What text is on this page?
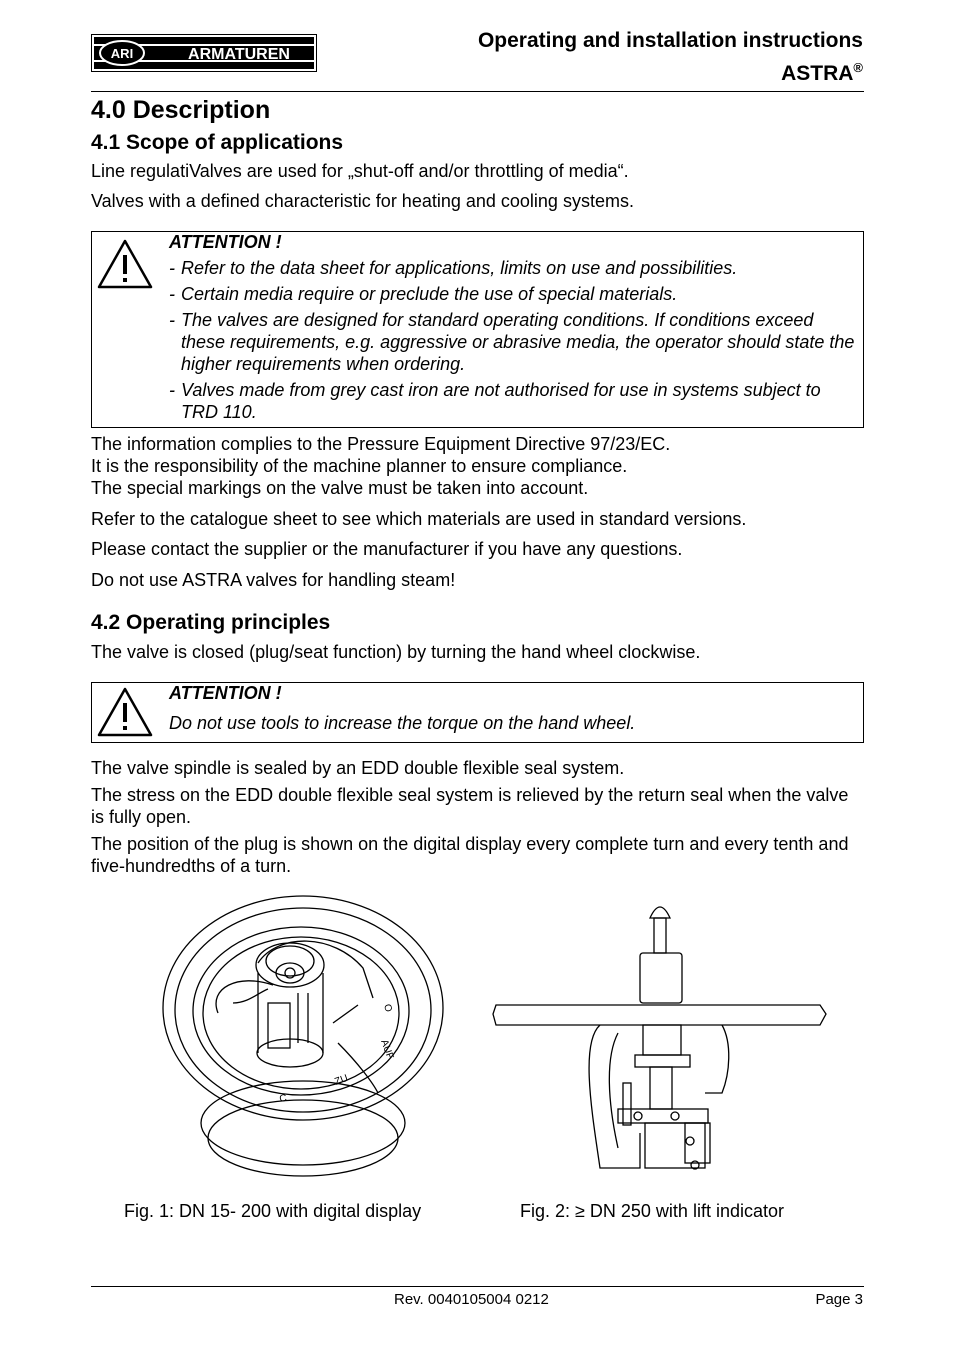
ARI	ARMATUREN
Operating and installation instructions
ASTRA®
4.0 Description
4.1 Scope of applications

Line regulatiValves are used for „shut-off and/or throttling of media“.

Valves with a defined characteristic for heating and cooling systems.

ATTENTION !
- Refer to the data sheet for applications, limits on use and possibilities.
- Certain media require or preclude the use of special materials.
- The valves are designed for standard operating conditions. If conditions exceed these requirements, e.g. aggressive or abrasive media, the operator should state the higher requirements when ordering.
- Valves made from grey cast iron are not authorised for use in systems subject to TRD 110.

The information complies to the Pressure Equipment Directive 97/23/EC.

It is the responsibility of the machine planner to ensure compliance.

The special markings on the valve must be taken into account.

Refer to the catalogue sheet to see which materials are used in standard versions.

Please contact the supplier or the manufacturer if you have any questions.

Do not use ASTRA valves for handling steam!

4.2 Operating principles

The valve is closed (plug/seat function) by turning the hand wheel clockwise.

ATTENTION !
Do not use tools to increase the torque on the hand wheel.

The valve spindle is sealed by an EDD double flexible seal system.

The stress on the EDD double flexible seal system is relieved by the return seal when the valve is fully open.

The position of the plug is shown on the digital display every complete turn and every tenth and five-hundredths of a turn.

O
AUF
ZU
C
Fig. 1: DN 15- 200 with digital display	Fig. 2: ≥ DN 250 with lift indicator
Rev. 0040105004 0212	Page 3
